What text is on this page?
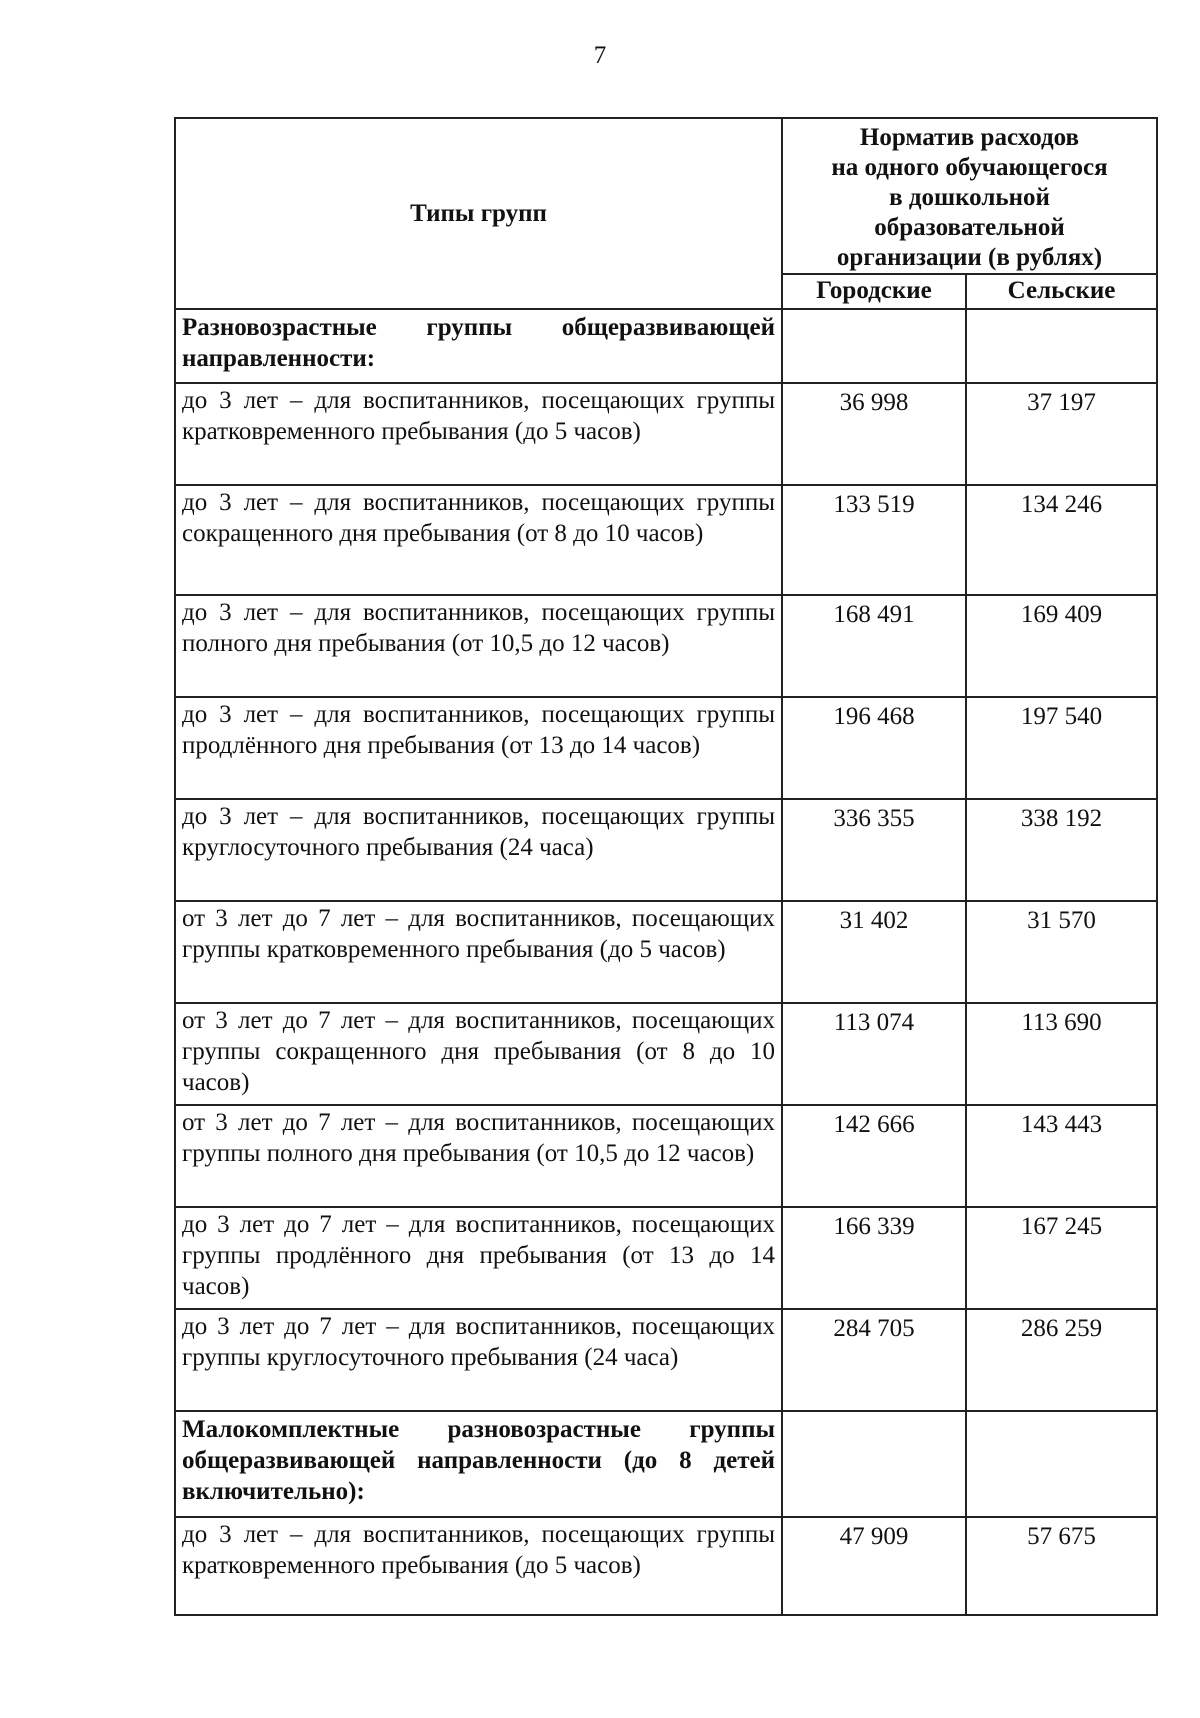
7
Типы групп	Норматив расходов
на одного обучающегося
в дошкольной
образовательной
организации (в рублях)	

	Городские	Сельские
Разновозрастные группы общеразвивающей направленности:		
до 3 лет – для воспитанников, посещающих группы кратковременного пребывания (до 5 часов)	36 998	37 197
до 3 лет – для воспитанников, посещающих группы сокращенного дня пребывания (от 8 до 10 часов)	133 519	134 246
до 3 лет – для воспитанников, посещающих группы полного дня пребывания (от 10,5 до 12 часов)	168 491	169 409
до 3 лет – для воспитанников, посещающих группы продлённого дня пребывания (от 13 до 14 часов)	196 468	197 540
до 3 лет – для воспитанников, посещающих группы круглосуточного пребывания (24 часа)	336 355	338 192
от 3 лет до 7 лет – для воспитанников, посещающих группы кратковременного пребывания (до 5 часов)	31 402	31 570
от 3 лет до 7 лет – для воспитанников, посещающих группы сокращенного дня пребывания (от 8 до 10 часов)	113 074	113 690
от 3 лет до 7 лет – для воспитанников, посещающих группы полного дня пребывания (от 10,5 до 12 часов)	142 666	143 443
до 3 лет до 7 лет – для воспитанников, посещающих группы продлённого дня пребывания (от 13 до 14 часов)	166 339	167 245
до 3 лет до 7 лет – для воспитанников, посещающих группы круглосуточного пребывания (24 часа)	284 705	286 259
Малокомплектные разновозрастные группы общеразвивающей направленности (до 8 детей включительно):		
до 3 лет – для воспитанников, посещающих группы кратковременного пребывания (до 5 часов)	47 909	57 675
